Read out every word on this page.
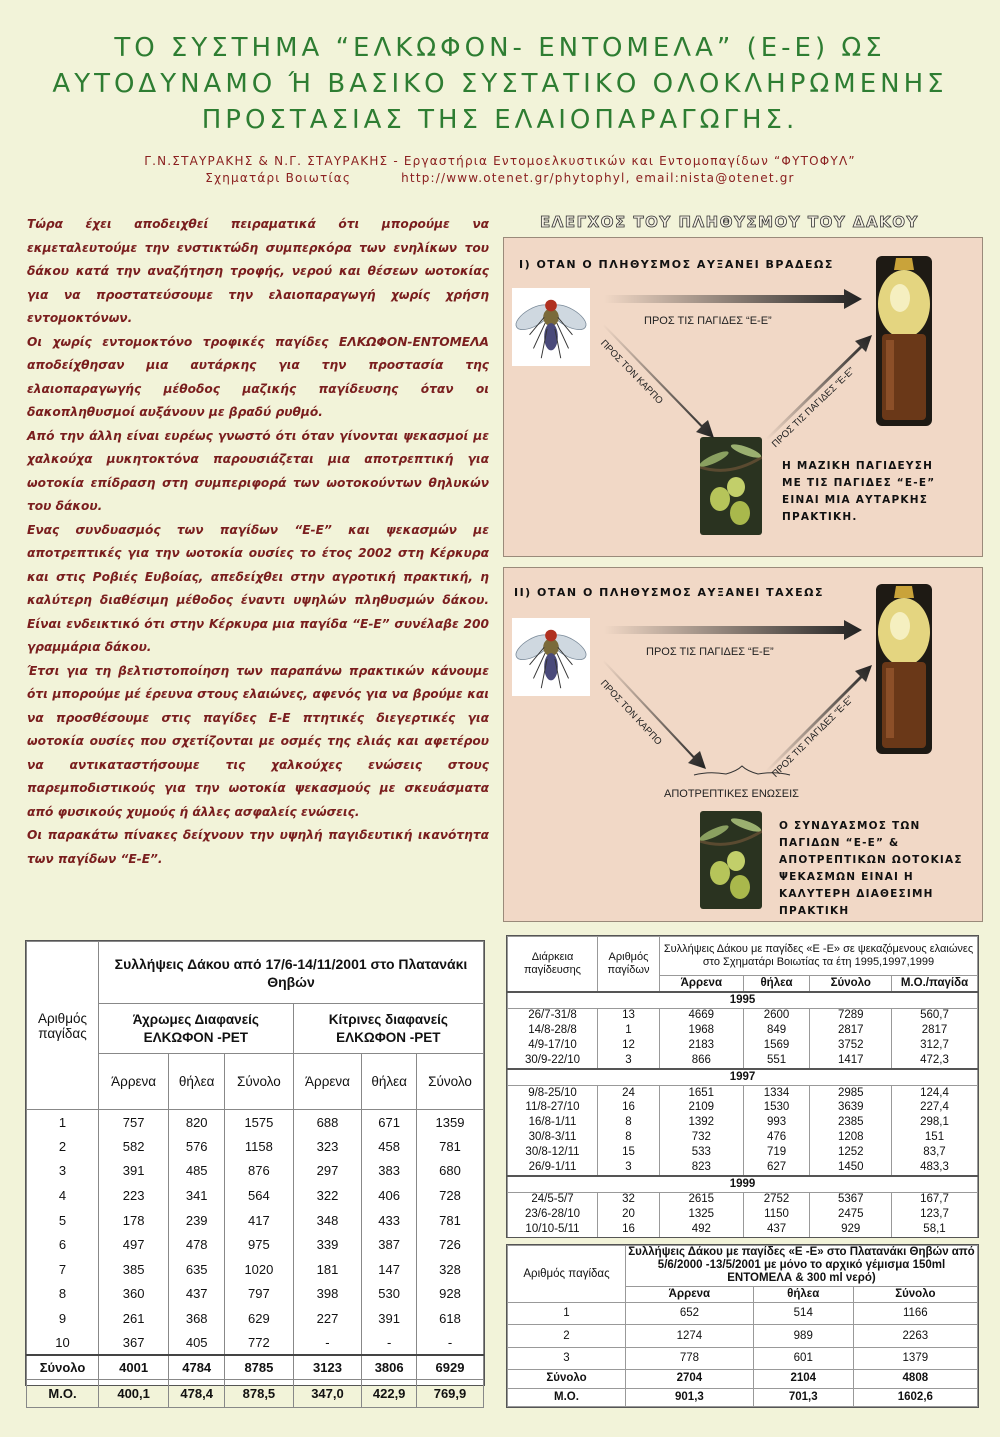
ΤΟ ΣΥΣΤΗΜΑ “ΕΛΚΩΦΟΝ- ΕΝΤΟΜΕΛΑ” (Ε-Ε) ΩΣ
ΑΥΤΟΔΥΝΑΜΟ Ή ΒΑΣΙΚΟ ΣΥΣΤΑΤΙΚΟ ΟΛΟΚΛΗΡΩΜΕΝΗΣ
ΠΡΟΣΤΑΣΙΑΣ ΤΗΣ ΕΛΑΙΟΠΑΡΑΓΩΓΗΣ.
Γ.Ν.ΣΤΑΥΡΑΚΗΣ & Ν.Γ. ΣΤΑΥΡΑΚΗΣ - Εργαστήρια Εντομοελκυστικών και Εντομοπαγίδων “ΦΥΤΟΦΥΛ”
Σχηματάρι Βοιωτίας	http://www.otenet.gr/phytophyl, email:nista@otenet.gr

Τώρα έχει αποδειχθεί πειραματικά ότι μπορούμε να εκμεταλευτούμε την ενστικτώδη συμπερκόρα των ενηλίκων του δάκου κατά την αναζήτηση τροφής, νερού και θέσεων ωοτοκίας για να προστατεύσουμε την ελαιοπαραγωγή χωρίς χρήση εντομοκτόνων.

Οι χωρίς εντομοκτόνο τροφικές παγίδες ΕΛΚΩΦΟΝ-ΕΝΤΟΜΕΛΑ αποδείχθησαν μια αυτάρκης για την προστασία της ελαιοπαραγωγής μέθοδος μαζικής παγίδευσης όταν οι δακοπληθυσμοί αυξάνουν με βραδύ ρυθμό.

Από την άλλη είναι ευρέως γνωστό ότι όταν γίνονται ψεκασμοί με χαλκούχα μυκητοκτόνα παρουσιάζεται μια αποτρεπτική για ωοτοκία επίδραση στη συμπεριφορά των ωοτοκούντων θηλυκών του δάκου.

Ενας συνδυασμός των παγίδων “Ε-Ε” και ψεκασμών με αποτρεπτικές για την ωοτοκία ουσίες το έτος 2002 στη Κέρκυρα και στις Ροβιές Ευβοίας, απεδείχθει στην αγροτική πρακτική, η καλύτερη διαθέσιμη μέθοδος έναντι υψηλών πληθυσμών δάκου. Είναι ενδεικτικό ότι στην Κέρκυρα μια παγίδα “Ε-Ε” συνέλαβε 200 γραμμάρια δάκου.

Έτσι για τη βελτιστοποίηση των παραπάνω πρακτικών κάνουμε ότι μπορούμε μέ έρευνα στους ελαιώνες, αφενός για να βρούμε και να προσθέσουμε στις παγίδες Ε-Ε πτητικές διεγερτικές για ωοτοκία ουσίες που σχετίζονται με οσμές της ελιάς και αφετέρου να αντικαταστήσουμε τις χαλκούχες ενώσεις στους παρεμποδιστικούς για την ωοτοκία ψεκασμούς με σκευάσματα από φυσικούς χυμούς ή άλλες ασφαλείς ενώσεις.

Οι παρακάτω πίνακες δείχνουν την υψηλή παγιδευτική ικανότητα των παγίδων “Ε-Ε”.

ΕΛΕΓΧΟΣ ΤΟΥ ΠΛΗΘΥΣΜΟΥ ΤΟΥ ΔΑΚΟΥ
I) ΟΤΑΝ Ο ΠΛΗΘΥΣΜΟΣ ΑΥΞΑΝΕΙ ΒΡΑΔΕΩΣ
ΠΡΟΣ ΤΙΣ ΠΑΓΙΔΕΣ “Ε-Ε”
ΠΡΟΣ ΤΟΝ ΚΑΡΠΟ	ΠΡΟΣ ΤΙΣ ΠΑΓΙΔΕΣ “Ε-Ε”
Η ΜΑΖΙΚΗ ΠΑΓΙΔΕΥΣΗ
ΜΕ ΤΙΣ ΠΑΓΙΔΕΣ “Ε-Ε”
ΕΙΝΑΙ ΜΙΑ ΑΥΤΑΡΚΗΣ
ΠΡΑΚΤΙΚΗ.
II) ΟΤΑΝ Ο ΠΛΗΘΥΣΜΟΣ ΑΥΞΑΝΕΙ ΤΑΧΕΩΣ
ΠΡΟΣ ΤΙΣ ΠΑΓΙΔΕΣ “Ε-Ε”
ΠΡΟΣ ΤΟΝ ΚΑΡΠΟ	ΠΡΟΣ ΤΙΣ ΠΑΓΙΔΕΣ “Ε-Ε”
ΑΠΟΤΡΕΠΤΙΚΕΣ ΕΝΩΣΕΙΣ
Ο ΣΥΝΔΥΑΣΜΟΣ ΤΩΝ
ΠΑΓΙΔΩΝ “Ε-Ε” &
ΑΠΟΤΡΕΠΤΙΚΩΝ ΩΟΤΟΚΙΑΣ
ΨΕΚΑΣΜΩΝ ΕΙΝΑΙ Η
ΚΑΛΥΤΕΡΗ ΔΙΑΘΕΣΙΜΗ
ΠΡΑΚΤΙΚΗ
Αριθμός παγίδας	Συλλήψεις Δάκου από 17/6-14/11/2001 στο Πλατανάκι Θηβών					
	Άχρωμες Διαφανείς ΕΛΚΩΦΟΝ -PET			Κίτρινες διαφανείς ΕΛΚΩΦΟΝ -PET		
	Άρρενα	θήλεα	Σύνολο	Άρρενα	θήλεα	Σύνολο
1	757	820	1575	688	671	1359
2	582	576	1158	323	458	781
3	391	485	876	297	383	680
4	223	341	564	322	406	728
5	178	239	417	348	433	781
6	497	478	975	339	387	726
7	385	635	1020	181	147	328
8	360	437	797	398	530	928
9	261	368	629	227	391	618
10	367	405	772	-	-	-
Σύνολο	4001	4784	8785	3123	3806	6929
Μ.Ο.	400,1	478,4	878,5	347,0	422,9	769,9
Διάρκεια παγίδευσης	Αριθμός παγίδων	Συλλήψεις Δάκου με παγίδες «Ε -Ε» σε ψεκαζόμενους ελαιώνες στο Σχηματάρι Βοιωτίας τα έτη 1995,1997,1999			
		Άρρενα	θήλεα	Σύνολο	Μ.Ο./παγίδα
1995					
26/7-31/8	13	4669	2600	7289	560,7
14/8-28/8	1	1968	849	2817	2817
4/9-17/10	12	2183	1569	3752	312,7
30/9-22/10	3	866	551	1417	472,3
1997					
9/8-25/10	24	1651	1334	2985	124,4
11/8-27/10	16	2109	1530	3639	227,4
16/8-1/11	8	1392	993	2385	298,1
30/8-3/11	8	732	476	1208	151
30/8-12/11	15	533	719	1252	83,7
26/9-1/11	3	823	627	1450	483,3
1999					
24/5-5/7	32	2615	2752	5367	167,7
23/6-28/10	20	1325	1150	2475	123,7
10/10-5/11	16	492	437	929	58,1
Αριθμός παγίδας	Συλλήψεις Δάκου με παγίδες «Ε -Ε» στο Πλατανάκι Θηβών από 5/6/2000 -13/5/2001 με μόνο το αρχικό γέμισμα 150ml ΕΝΤΟΜΕΛΑ & 300 ml νερό)		
	Άρρενα	θήλεα	Σύνολο
1	652	514	1166
2	1274	989	2263
3	778	601	1379
Σύνολο	2704	2104	4808
Μ.Ο.	901,3	701,3	1602,6
